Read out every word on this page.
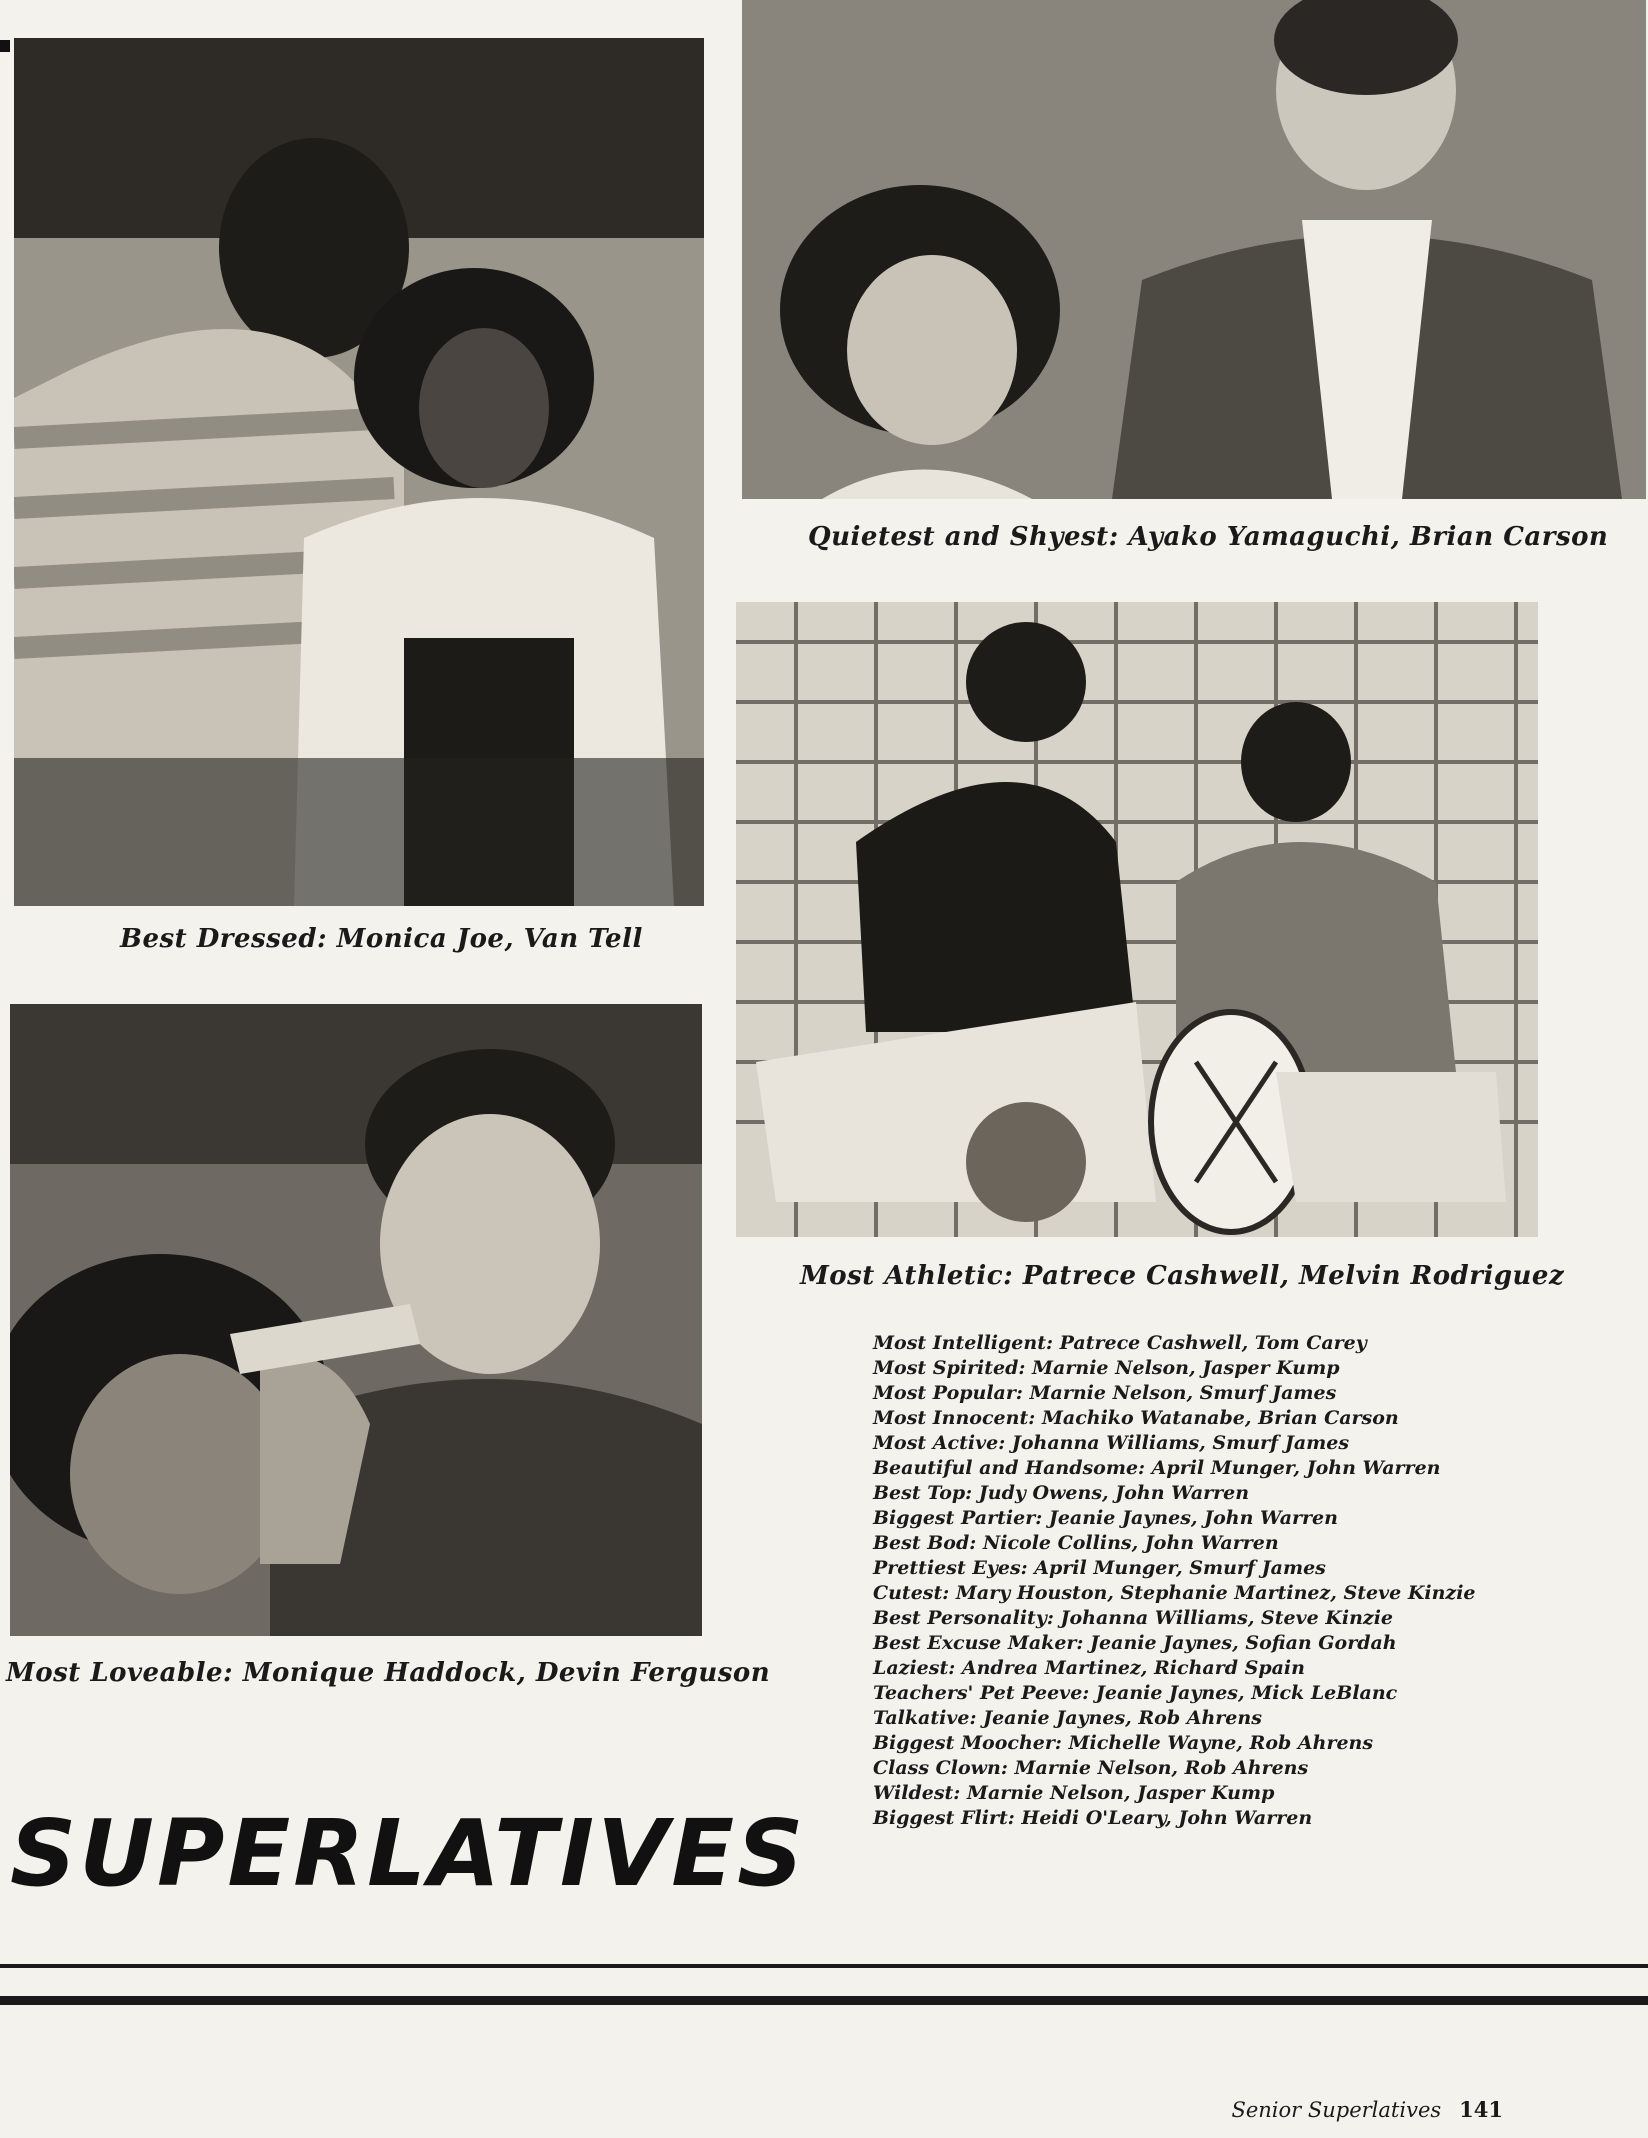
Best Dressed: Monica Joe, Van Tell
Quietest and Shyest: Ayako Yamaguchi, Brian Carson
Most Athletic: Patrece Cashwell, Melvin Rodriguez
Most Loveable: Monique Haddock, Devin Ferguson
Most Intelligent: Patrece Cashwell, Tom Carey
Most Spirited: Marnie Nelson, Jasper Kump
Most Popular: Marnie Nelson, Smurf James
Most Innocent: Machiko Watanabe, Brian Carson
Most Active: Johanna Williams, Smurf James
Beautiful and Handsome: April Munger, John Warren
Best Top: Judy Owens, John Warren
Biggest Partier: Jeanie Jaynes, John Warren
Best Bod: Nicole Collins, John Warren
Prettiest Eyes: April Munger, Smurf James
Cutest: Mary Houston, Stephanie Martinez, Steve Kinzie
Best Personality: Johanna Williams, Steve Kinzie
Best Excuse Maker: Jeanie Jaynes, Sofian Gordah
Laziest: Andrea Martinez, Richard Spain
Teachers' Pet Peeve: Jeanie Jaynes, Mick LeBlanc
Talkative: Jeanie Jaynes, Rob Ahrens
Biggest Moocher: Michelle Wayne, Rob Ahrens
Class Clown: Marnie Nelson, Rob Ahrens
Wildest: Marnie Nelson, Jasper Kump
Biggest Flirt: Heidi O'Leary, John Warren
SUPERLATIVES
Senior Superlatives 141
